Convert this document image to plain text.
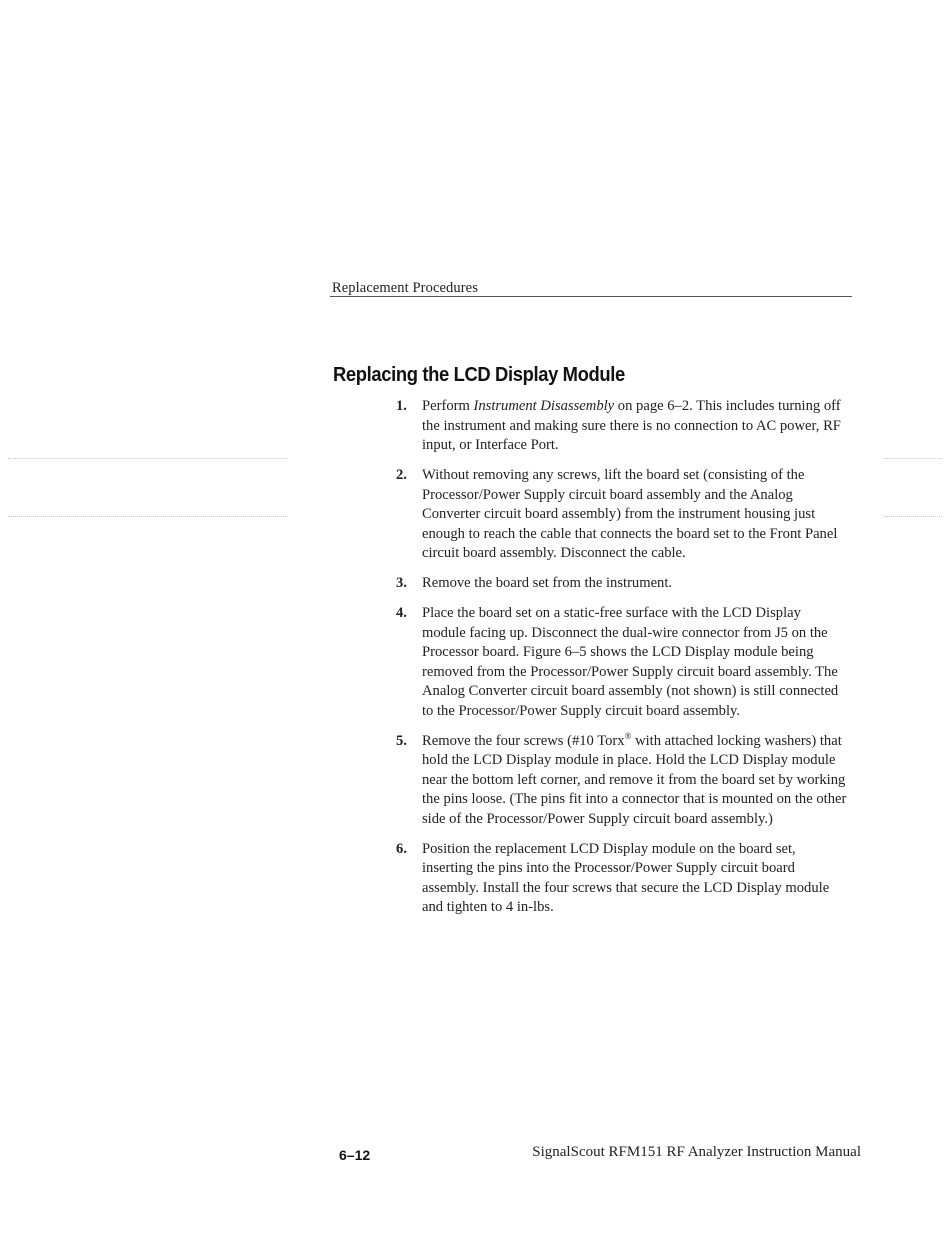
Replacement Procedures
Replacing the LCD Display Module
1. Perform Instrument Disassembly on page 6–2. This includes turning off the instrument and making sure there is no connection to AC power, RF input, or Interface Port.
2. Without removing any screws, lift the board set (consisting of the Processor/Power Supply circuit board assembly and the Analog Converter circuit board assembly) from the instrument housing just enough to reach the cable that connects the board set to the Front Panel circuit board assembly. Disconnect the cable.
3. Remove the board set from the instrument.
4. Place the board set on a static-free surface with the LCD Display module facing up. Disconnect the dual-wire connector from J5 on the Processor board. Figure 6–5 shows the LCD Display module being removed from the Processor/Power Supply circuit board assembly. The Analog Converter circuit board assembly (not shown) is still connected to the Processor/Power Supply circuit board assembly.
5. Remove the four screws (#10 Torx® with attached locking washers) that hold the LCD Display module in place. Hold the LCD Display module near the bottom left corner, and remove it from the board set by working the pins loose. (The pins fit into a connector that is mounted on the other side of the Processor/Power Supply circuit board assembly.)
6. Position the replacement LCD Display module on the board set, inserting the pins into the Processor/Power Supply circuit board assembly. Install the four screws that secure the LCD Display module and tighten to 4 in-lbs.
6–12	SignalScout RFM151 RF Analyzer Instruction Manual
